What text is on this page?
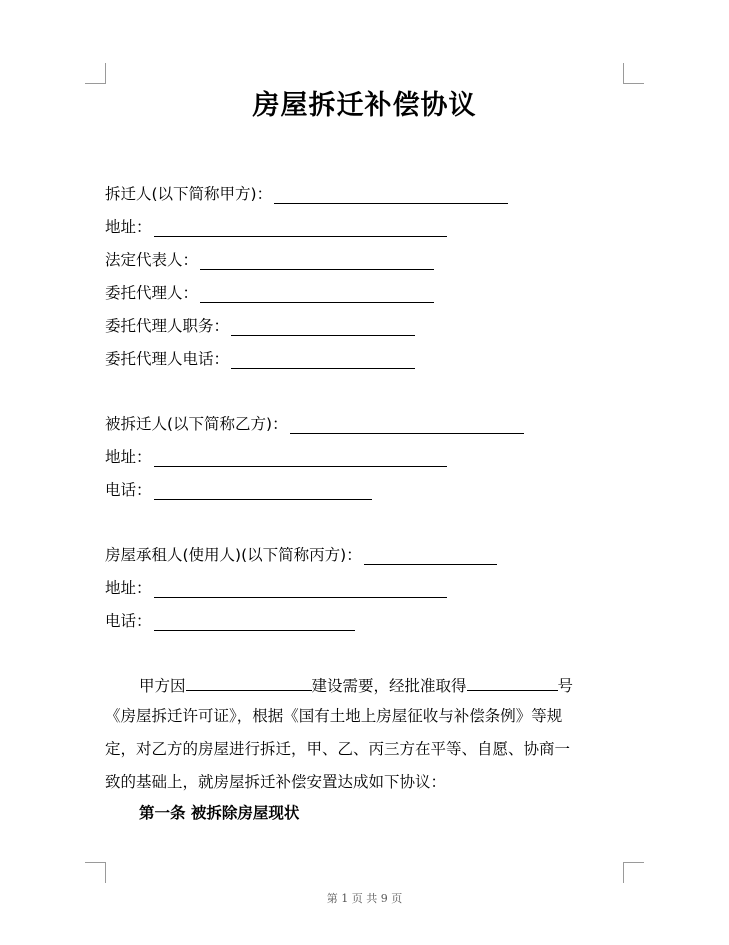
房屋拆迁补偿协议
拆迁人(以下简称甲方)：
地址：
法定代表人：
委托代理人：
委托代理人职务：
委托代理人电话：
被拆迁人(以下简称乙方)：
地址：
电话：
房屋承租人(使用人)(以下简称丙方)：
地址：
电话：
甲方因	建设需要，经批准取得	号
《房屋拆迁许可证》，根据《国有土地上房屋征收与补偿条例》等规
定，对乙方的房屋进行拆迁，甲、乙、丙三方在平等、自愿、协商一
致的基础上，就房屋拆迁补偿安置达成如下协议：
第一条 被拆除房屋现状
第 1 页 共 9 页
